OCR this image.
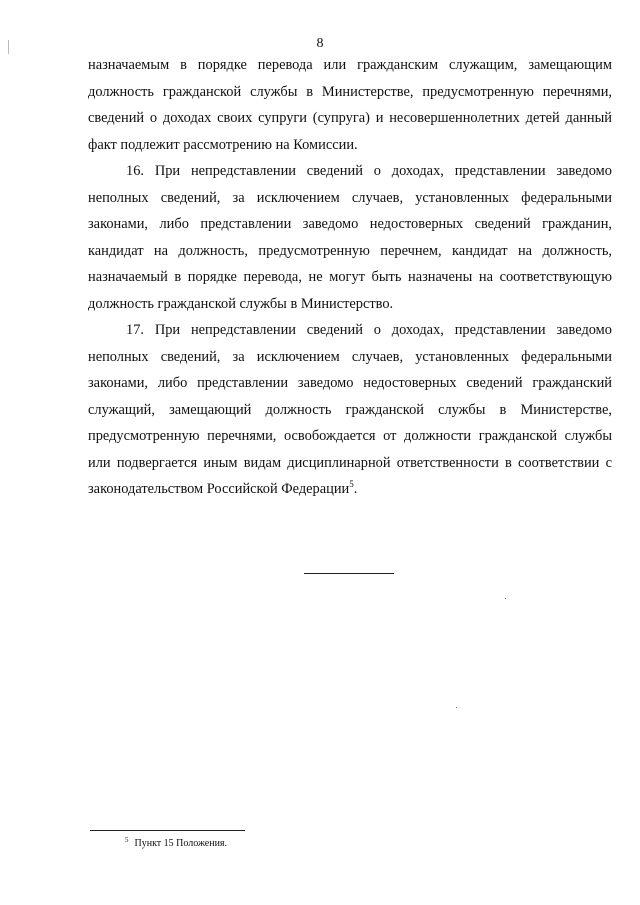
8

назначаемым в порядке перевода или гражданским служащим, замещающим должность гражданской службы в Министерстве, предусмотренную перечнями, сведений о доходах своих супруги (супруга) и несовершеннолетних детей данный факт подлежит рассмотрению на Комиссии.

16. При непредставлении сведений о доходах, представлении заведомо неполных сведений, за исключением случаев, установленных федеральными законами, либо представлении заведомо недостоверных сведений гражданин, кандидат на должность, предусмотренную перечнем, кандидат на должность, назначаемый в порядке перевода, не могут быть назначены на соответствующую должность гражданской службы в Министерство.

17. При непредставлении сведений о доходах, представлении заведомо неполных сведений, за исключением случаев, установленных федеральными законами, либо представлении заведомо недостоверных сведений гражданский служащий, замещающий должность гражданской службы в Министерстве, предусмотренную перечнями, освобождается от должности гражданской службы или подвергается иным видам дисциплинарной ответственности в соответствии с законодательством Российской Федерации$^5$.

$^5$ Пункт 15 Положения.
